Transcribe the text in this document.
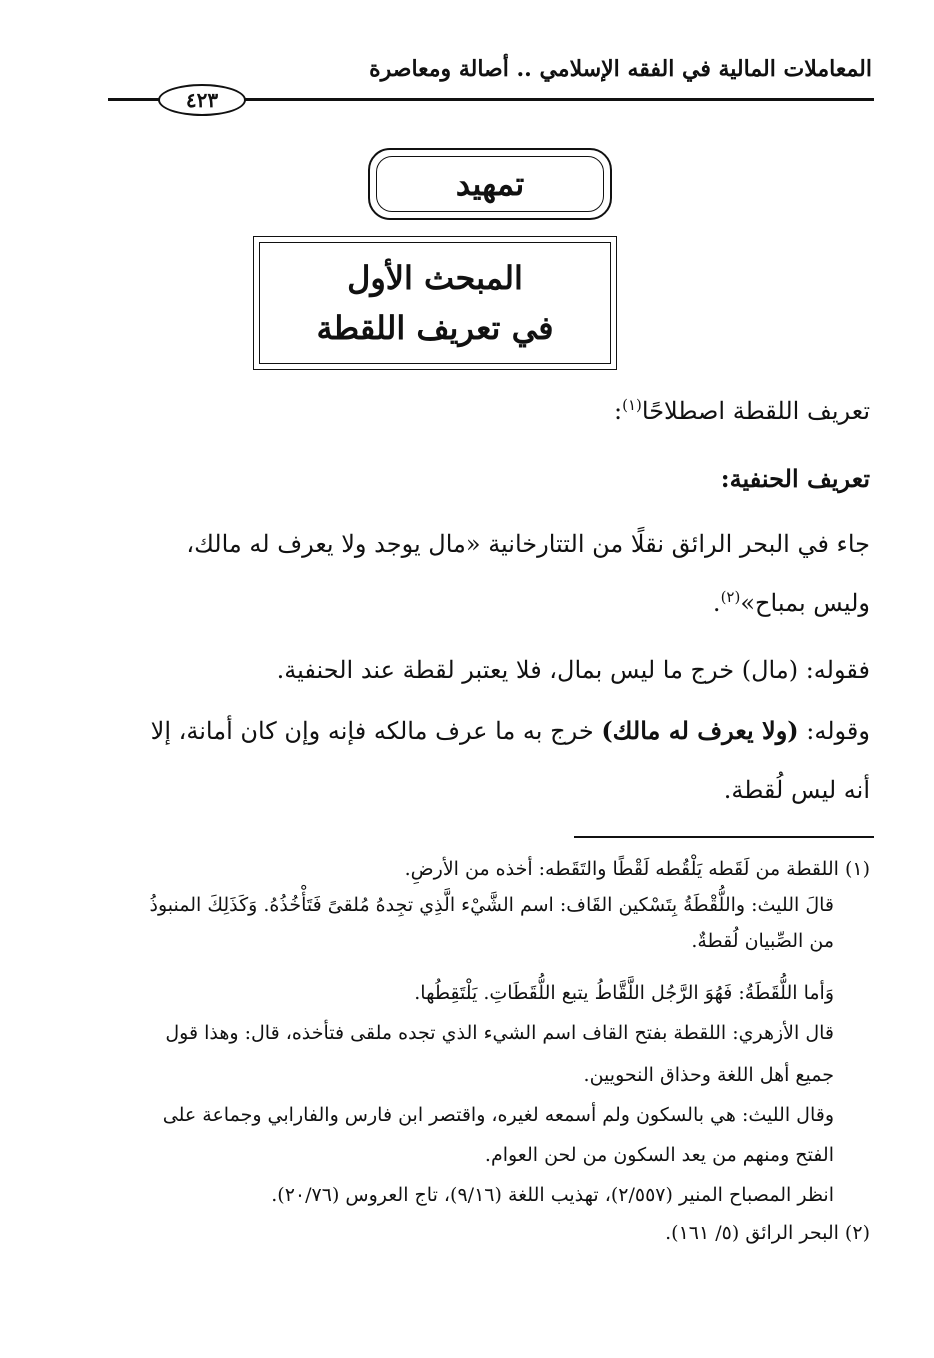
المعاملات المالية في الفقه الإسلامي .. أصالة ومعاصرة
٤٢٣
تمهيد
المبحث الأول
في تعريف اللقطة
تعريف اللقطة اصطلاحًا$^{(١)}$:
تعريف الحنفية:
جاء في البحر الرائق نقلًا من التتارخانية «مال يوجد ولا يعرف له مالك،
وليس بمباح»$^{(٢)}$.
فقوله: (مال) خرج ما ليس بمال، فلا يعتبر لقطة عند الحنفية.
وقوله: (ولا يعرف له مالك) خرج به ما عرف مالكه فإنه وإن كان أمانة، إلا
أنه ليس لُقطة.
(١) اللقطة من لَقَطه يَلْقُطه لَقْطًا والتَقَطه: أخذه من الأرضِ.
قالَ الليث: واللُّقْطَةُ بِتَسْكين القَاف: اسم الشَّيْء الَّذِي تجِدهُ مُلقىً فَتَأْخُذُهُ. وَكَذَلِكَ المنبوذُ
من الصِّبيان لُقطةٌ.
وَأما اللُّقَطَةُ: فَهُوَ الرَّجُل اللَّقَّاطُ يتبع اللُّقَطَاتِ. يَلْتَقِطُها.
قال الأزهري: اللقطة بفتح القاف اسم الشيء الذي تجده ملقى فتأخذه، قال: وهذا قول
جميع أهل اللغة وحذاق النحويين.
وقال الليث: هي بالسكون ولم أسمعه لغيره، واقتصر ابن فارس والفارابي وجماعة على
الفتح ومنهم من يعد السكون من لحن العوام.
انظر المصباح المنير (٢/٥٥٧)، تهذيب اللغة (٩/١٦)، تاج العروس (٢٠/٧٦).
(٢) البحر الرائق (٥/ ١٦١).
